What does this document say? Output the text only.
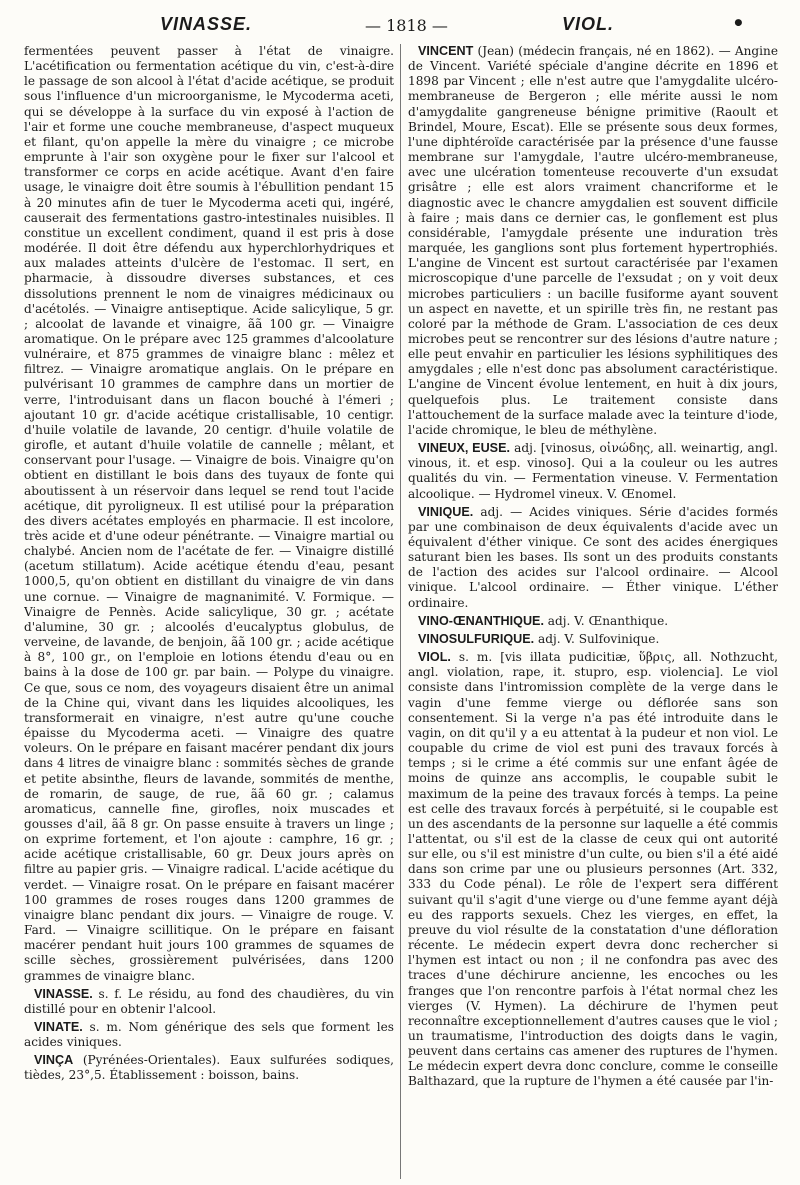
VINASSE.	— 1818 —	VIOL.	•

fermentées peuvent passer à l'état de vinaigre. L'acétification ou fermentation acétique du vin, c'est-à-dire le passage de son alcool à l'état d'acide acétique, se produit sous l'influence d'un microorganisme, le Mycoderma aceti, qui se développe à la surface du vin exposé à l'action de l'air et forme une couche membraneuse, d'aspect muqueux et filant, qu'on appelle la mère du vinaigre ; ce microbe emprunte à l'air son oxygène pour le fixer sur l'alcool et transformer ce corps en acide acétique. Avant d'en faire usage, le vinaigre doit être soumis à l'ébullition pendant 15 à 20 minutes afin de tuer le Mycoderma aceti qui, ingéré, causerait des fermentations gastro-intestinales nuisibles. Il constitue un excellent condiment, quand il est pris à dose modérée. Il doit être défendu aux hyperchlorhydriques et aux malades atteints d'ulcère de l'estomac. Il sert, en pharmacie, à dissoudre diverses substances, et ces dissolutions prennent le nom de vinaigres médicinaux ou d'acétolés. — Vinaigre antiseptique. Acide salicylique, 5 gr. ; alcoolat de lavande et vinaigre, ãã 100 gr. — Vinaigre aromatique. On le prépare avec 125 grammes d'alcoolature vulnéraire, et 875 grammes de vinaigre blanc : mêlez et filtrez. — Vinaigre aromatique anglais. On le prépare en pulvérisant 10 grammes de camphre dans un mortier de verre, l'introduisant dans un flacon bouché à l'émeri ; ajoutant 10 gr. d'acide acétique cristallisable, 10 centigr. d'huile volatile de lavande, 20 centigr. d'huile volatile de girofle, et autant d'huile volatile de cannelle ; mêlant, et conservant pour l'usage. — Vinaigre de bois. Vinaigre qu'on obtient en distillant le bois dans des tuyaux de fonte qui aboutissent à un réservoir dans lequel se rend tout l'acide acétique, dit pyroligneux. Il est utilisé pour la préparation des divers acétates employés en pharmacie. Il est incolore, très acide et d'une odeur pénétrante. — Vinaigre martial ou chalybé. Ancien nom de l'acétate de fer. — Vinaigre distillé (acetum stillatum). Acide acétique étendu d'eau, pesant 1000,5, qu'on obtient en distillant du vinaigre de vin dans une cornue. — Vinaigre de magnanimité. V. Formique. — Vinaigre de Pennès. Acide salicylique, 30 gr. ; acétate d'alumine, 30 gr. ; alcoolés d'eucalyptus globulus, de verveine, de lavande, de benjoin, ãã 100 gr. ; acide acétique à 8°, 100 gr., on l'emploie en lotions étendu d'eau ou en bains à la dose de 100 gr. par bain. — Polype du vinaigre. Ce que, sous ce nom, des voyageurs disaient être un animal de la Chine qui, vivant dans les liquides alcooliques, les transformerait en vinaigre, n'est autre qu'une couche épaisse du Mycoderma aceti. — Vinaigre des quatre voleurs. On le prépare en faisant macérer pendant dix jours dans 4 litres de vinaigre blanc : sommités sèches de grande et petite absinthe, fleurs de lavande, sommités de menthe, de romarin, de sauge, de rue, ãã 60 gr. ; calamus aromaticus, cannelle fine, girofles, noix muscades et gousses d'ail, ãã 8 gr. On passe ensuite à travers un linge ; on exprime fortement, et l'on ajoute : camphre, 16 gr. ; acide acétique cristallisable, 60 gr. Deux jours après on filtre au papier gris. — Vinaigre radical. L'acide acétique du verdet. — Vinaigre rosat. On le prépare en faisant macérer 100 grammes de roses rouges dans 1200 grammes de vinaigre blanc pendant dix jours. — Vinaigre de rouge. V. Fard. — Vinaigre scillitique. On le prépare en faisant macérer pendant huit jours 100 grammes de squames de scille sèches, grossièrement pulvérisées, dans 1200 grammes de vinaigre blanc.

VINASSE. s. f. Le résidu, au fond des chaudières, du vin distillé pour en obtenir l'alcool.

VINATE. s. m. Nom générique des sels que forment les acides viniques.

VINÇA (Pyrénées-Orientales). Eaux sulfurées sodiques, tièdes, 23°,5. Établissement : boisson, bains.

VINCENT (Jean) (médecin français, né en 1862). — Angine de Vincent. Variété spéciale d'angine décrite en 1896 et 1898 par Vincent ; elle n'est autre que l'amygdalite ulcéro-membraneuse de Bergeron ; elle mérite aussi le nom d'amygdalite gangreneuse bénigne primitive (Raoult et Brindel, Moure, Escat). Elle se présente sous deux formes, l'une diphtéroïde caractérisée par la présence d'une fausse membrane sur l'amygdale, l'autre ulcéro-membraneuse, avec une ulcération tomenteuse recouverte d'un exsudat grisâtre ; elle est alors vraiment chancriforme et le diagnostic avec le chancre amygdalien est souvent difficile à faire ; mais dans ce dernier cas, le gonflement est plus considérable, l'amygdale présente une induration très marquée, les ganglions sont plus fortement hypertrophiés. L'angine de Vincent est surtout caractérisée par l'examen microscopique d'une parcelle de l'exsudat ; on y voit deux microbes particuliers : un bacille fusiforme ayant souvent un aspect en navette, et un spirille très fin, ne restant pas coloré par la méthode de Gram. L'association de ces deux microbes peut se rencontrer sur des lésions d'autre nature ; elle peut envahir en particulier les lésions syphilitiques des amygdales ; elle n'est donc pas absolument caractéristique. L'angine de Vincent évolue lentement, en huit à dix jours, quelquefois plus. Le traitement consiste dans l'attouchement de la surface malade avec la teinture d'iode, l'acide chromique, le bleu de méthylène.

VINEUX, EUSE. adj. [vinosus, οἰνώδης, all. weinartig, angl. vinous, it. et esp. vinoso]. Qui a la couleur ou les autres qualités du vin. — Fermentation vineuse. V. Fermentation alcoolique. — Hydromel vineux. V. Œnomel.

VINIQUE. adj. — Acides viniques. Série d'acides formés par une combinaison de deux équivalents d'acide avec un équivalent d'éther vinique. Ce sont des acides énergiques saturant bien les bases. Ils sont un des produits constants de l'action des acides sur l'alcool ordinaire. — Alcool vinique. L'alcool ordinaire. — Éther vinique. L'éther ordinaire.

VINO-ŒNANTHIQUE. adj. V. Œnanthique.

VINOSULFURIQUE. adj. V. Sulfovinique.

VIOL. s. m. [vis illata pudicitiæ, ὕβρις, all. Nothzucht, angl. violation, rape, it. stupro, esp. violencia]. Le viol consiste dans l'intromission complète de la verge dans le vagin d'une femme vierge ou déflorée sans son consentement. Si la verge n'a pas été introduite dans le vagin, on dit qu'il y a eu attentat à la pudeur et non viol. Le coupable du crime de viol est puni des travaux forcés à temps ; si le crime a été commis sur une enfant âgée de moins de quinze ans accomplis, le coupable subit le maximum de la peine des travaux forcés à temps. La peine est celle des travaux forcés à perpétuité, si le coupable est un des ascendants de la personne sur laquelle a été commis l'attentat, ou s'il est de la classe de ceux qui ont autorité sur elle, ou s'il est ministre d'un culte, ou bien s'il a été aidé dans son crime par une ou plusieurs personnes (Art. 332, 333 du Code pénal). Le rôle de l'expert sera différent suivant qu'il s'agit d'une vierge ou d'une femme ayant déjà eu des rapports sexuels. Chez les vierges, en effet, la preuve du viol résulte de la constatation d'une défloration récente. Le médecin expert devra donc rechercher si l'hymen est intact ou non ; il ne confondra pas avec des traces d'une déchirure ancienne, les encoches ou les franges que l'on rencontre parfois à l'état normal chez les vierges (V. Hymen). La déchirure de l'hymen peut reconnaître exceptionnellement d'autres causes que le viol ; un traumatisme, l'introduction des doigts dans le vagin, peuvent dans certains cas amener des ruptures de l'hymen. Le médecin expert devra donc conclure, comme le conseille Balthazard, que la rupture de l'hymen a été causée par l'in-
